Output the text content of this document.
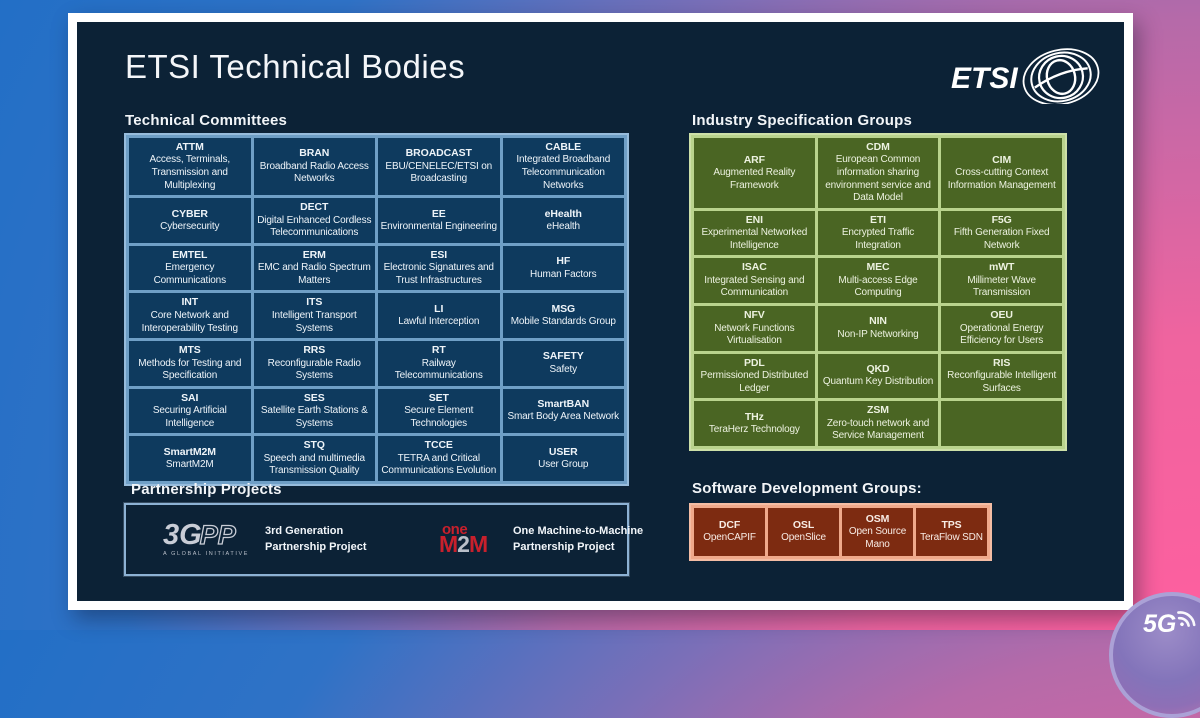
ETSI Technical Bodies	ETSI
Technical Committees
ATTM
Access, Terminals, Transmission and Multiplexing
BRAN
Broadband Radio Access Networks
BROADCAST
EBU/CENELEC/ETSI on Broadcasting
CABLE
Integrated Broadband Telecommunication Networks
CYBER
Cybersecurity
DECT
Digital Enhanced Cordless Telecommunications
EE
Environmental Engineering
eHealth
eHealth
EMTEL
Emergency Communications
ERM
EMC and Radio Spectrum Matters
ESI
Electronic Signatures and Trust Infrastructures
HF
Human Factors
INT
Core Network and Interoperability Testing
ITS
Intelligent Transport Systems
LI
Lawful Interception
MSG
Mobile Standards Group
MTS
Methods for Testing and Specification
RRS
Reconfigurable Radio Systems
RT
Railway Telecommunications
SAFETY
Safety
SAI
Securing Artificial Intelligence
SES
Satellite Earth Stations & Systems
SET
Secure Element Technologies
SmartBAN
Smart Body Area Network
SmartM2M
SmartM2M
STQ
Speech and multimedia Transmission Quality
TCCE
TETRA and Critical Communications Evolution
USER
User Group
Industry Specification Groups
ARF
Augmented Reality Framework
CDM
European Common information sharing environment service and Data Model
CIM
Cross-cutting Context Information Management
ENI
Experimental Networked Intelligence
ETI
Encrypted Traffic Integration
F5G
Fifth Generation Fixed Network
ISAC
Integrated Sensing and Communication
MEC
Multi-access Edge Computing
mWT
Millimeter Wave Transmission
NFV
Network Functions Virtualisation
NIN
Non-IP Networking
OEU
Operational Energy Efficiency for Users
PDL
Permissioned Distributed Ledger
QKD
Quantum Key Distribution
RIS
Reconfigurable Intelligent Surfaces
THz
TeraHerz Technology
ZSM
Zero-touch network and Service Management
Partnership Projects
3GPP
A GLOBAL INITIATIVE
3rd Generation Partnership Project
one
M2M
One Machine-to-Machine Partnership Project
Software Development Groups:
DCF
OpenCAPIF
OSL
OpenSlice
OSM
Open Source Mano
TPS
TeraFlow SDN
5G
